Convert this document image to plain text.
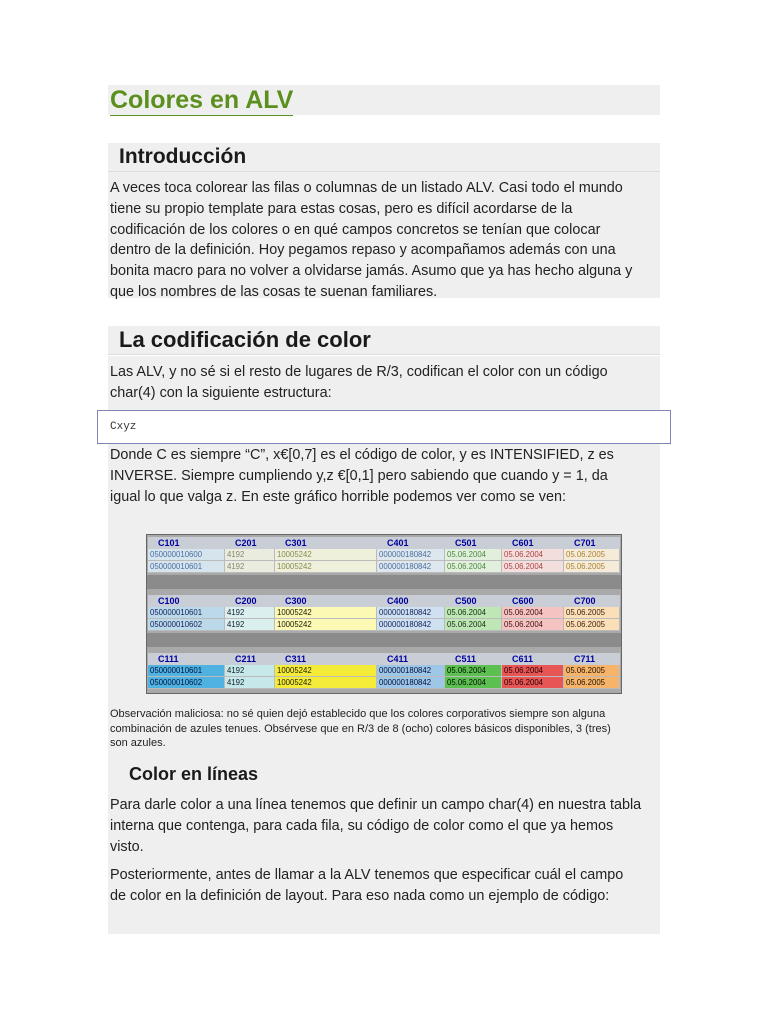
Colores en ALV
Introducción
A veces toca colorear las filas o columnas de un listado ALV. Casi todo el mundo
tiene su propio template para estas cosas, pero es difícil acordarse de la
codificación de los colores o en qué campos concretos se tenían que colocar
dentro de la definición. Hoy pegamos repaso y acompañamos además con una
bonita macro para no volver a olvidarse jamás. Asumo que ya has hecho alguna y
que los nombres de las cosas te suenan familiares.
La codificación de color
Las ALV, y no sé si el resto de lugares de R/3, codifican el color con un código
char(4) con la siguiente estructura:
Cxyz
Donde C es siempre “C”, x€[0,7] es el código de color, y es INTENSIFIED, z es
INVERSE. Siempre cumpliendo y,z €[0,1] pero sabiendo que cuando y = 1, da
igual lo que valga z. En este gráfico horrible podemos ver como se ven:
C101	C201	C301	C401	C501	C601	C701
050000010600	4192	10005242	000000180842	05.06.2004	05.06.2004	05.06.2005
050000010601	4192	10005242	000000180842	05.06.2004	05.06.2004	05.06.2005
C100	C200	C300	C400	C500	C600	C700
050000010601	4192	10005242	000000180842	05.06.2004	05.06.2004	05.06.2005
050000010602	4192	10005242	000000180842	05.06.2004	05.06.2004	05.06.2005
C111	C211	C311	C411	C511	C611	C711
050000010601	4192	10005242	000000180842	05.06.2004	05.06.2004	05.06.2005
050000010602	4192	10005242	000000180842	05.06.2004	05.06.2004	05.06.2005
Observación maliciosa: no sé quien dejó establecido que los colores corporativos siempre son alguna
combinación de azules tenues. Obsérvese que en R/3 de 8 (ocho) colores básicos disponibles, 3 (tres)
son azules.
Color en líneas
Para darle color a una línea tenemos que definir un campo char(4) en nuestra tabla
interna que contenga, para cada fila, su código de color como el que ya hemos
visto.
Posteriormente, antes de llamar a la ALV tenemos que especificar cuál el campo
de color en la definición de layout. Para eso nada como un ejemplo de código:
